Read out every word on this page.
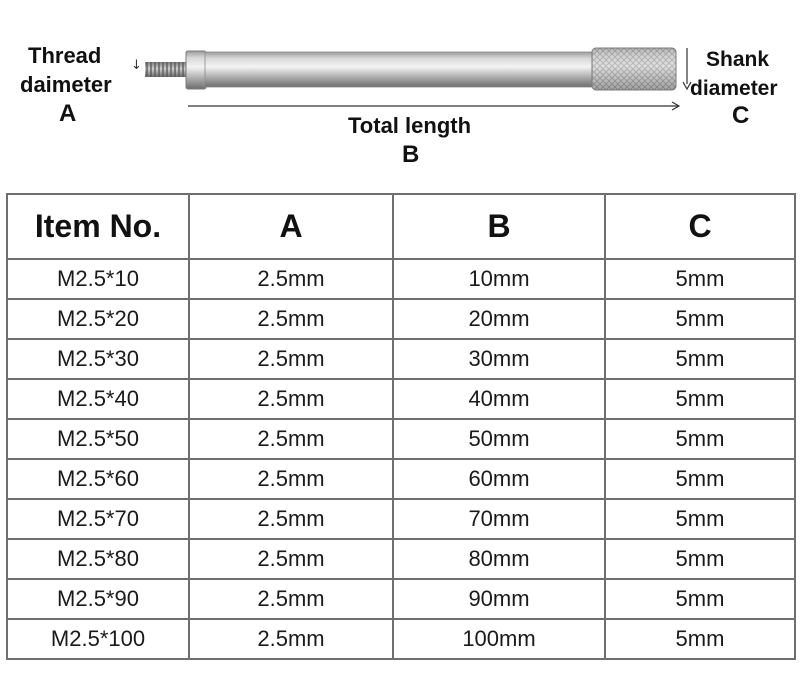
↓
Thread
daimeter
A
Shank
diameter
C
Total length
B
Item No.	A	B	C
M2.5*10	2.5mm	10mm	5mm
M2.5*20	2.5mm	20mm	5mm
M2.5*30	2.5mm	30mm	5mm
M2.5*40	2.5mm	40mm	5mm
M2.5*50	2.5mm	50mm	5mm
M2.5*60	2.5mm	60mm	5mm
M2.5*70	2.5mm	70mm	5mm
M2.5*80	2.5mm	80mm	5mm
M2.5*90	2.5mm	90mm	5mm
M2.5*100	2.5mm	100mm	5mm
